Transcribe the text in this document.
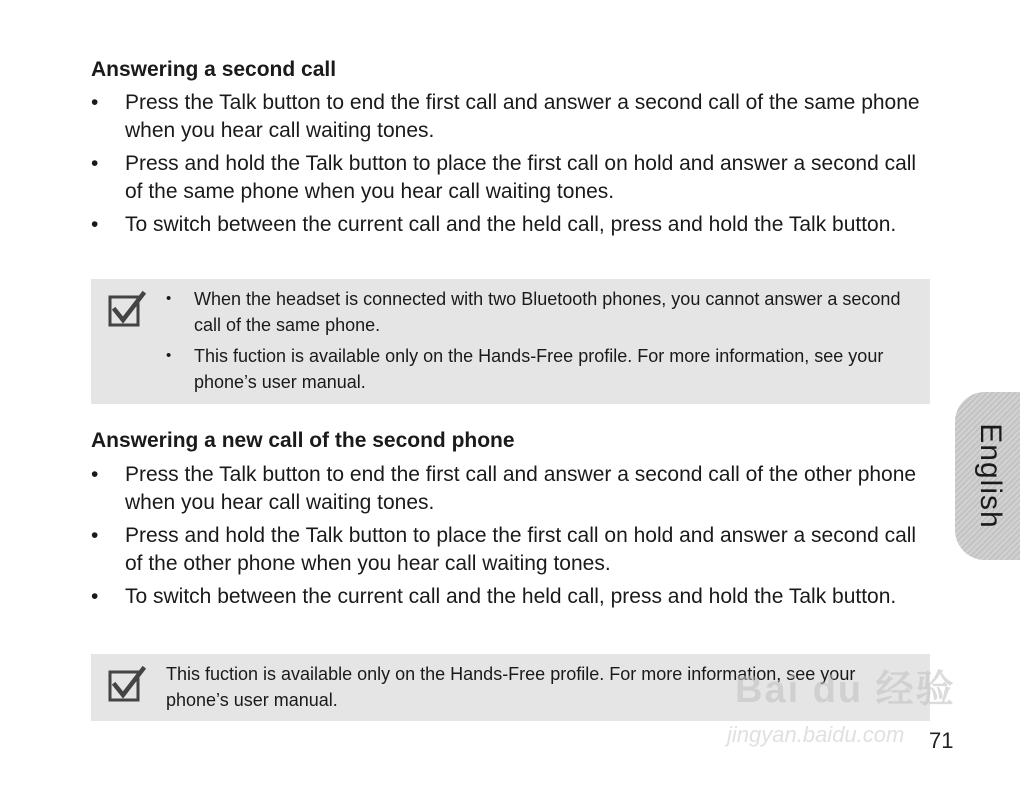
Answering a second call
• Press the Talk button to end the first call and answer a second call of the same phone when you hear call waiting tones.
• Press and hold the Talk button to place the first call on hold and answer a second call of the same phone when you hear call waiting tones.
• To switch between the current call and the held call, press and hold the Talk button.
• When the headset is connected with two Bluetooth phones, you cannot answer a second call of the same phone.
• This fuction is available only on the Hands-Free profile. For more information, see your phone’s user manual.
Answering a new call of the second phone
• Press the Talk button to end the first call and answer a second call of the other phone when you hear call waiting tones.
• Press and hold the Talk button to place the first call on hold and answer a second call of the other phone when you hear call waiting tones.
• To switch between the current call and the held call, press and hold the Talk button.

This fuction is available only on the Hands-Free profile. For more information, see your phone’s user manual.

English
Bai du 经验
jingyan.baidu.com 71
